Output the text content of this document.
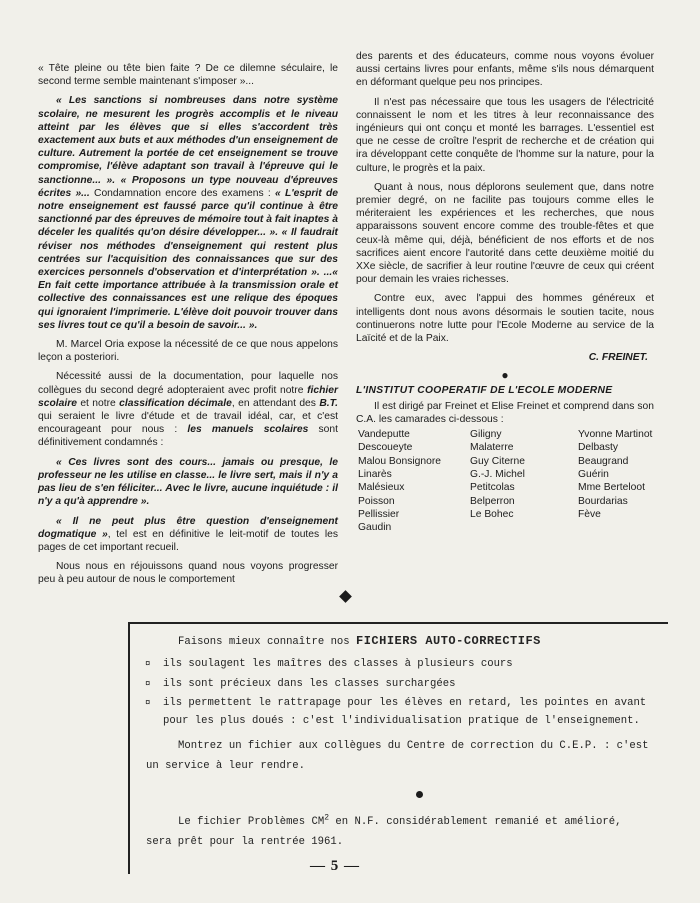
« Tête pleine ou tête bien faite ? De ce dilemne séculaire, le second terme semble maintenant s'imposer »...

« Les sanctions si nombreuses dans notre système scolaire, ne mesurent les progrès accomplis et le niveau atteint par les élèves que si elles s'accordent très exactement aux buts et aux méthodes d'un enseignement de culture. Autrement la portée de cet enseignement se trouve compromise, l'élève adaptant son travail à l'épreuve qui le sanctionne... ». « Proposons un type nouveau d'épreuves écrites »... Condamnation encore des examens : « L'esprit de notre enseignement est faussé parce qu'il continue à être sanctionné par des épreuves de mémoire tout à fait inaptes à déceler les qualités qu'on désire développer... ». « Il faudrait réviser nos méthodes d'enseignement qui restent plus centrées sur l'acquisition des connaissances que sur des exercices personnels d'observation et d'interprétation ». ...« En fait cette importance attribuée à la transmission orale et collective des connaissances est une relique des époques qui ignoraient l'imprimerie. L'élève doit pouvoir trouver dans ses livres tout ce qu'il a besoin de savoir... ».

M. Marcel Oria expose la nécessité de ce que nous appelons leçon a posteriori.

Nécessité aussi de la documentation, pour laquelle nos collègues du second degré adopteraient avec profit notre fichier scolaire et notre classification décimale, en attendant des B.T. qui seraient le livre d'étude et de travail idéal, car, et c'est encourageant pour nous : les manuels scolaires sont définitivement condamnés :

« Ces livres sont des cours... jamais ou presque, le professeur ne les utilise en classe... le livre sert, mais il n'y a pas lieu de s'en féliciter... Avec le livre, aucune inquiétude : il n'y a qu'à apprendre ».

« Il ne peut plus être question d'enseignement dogmatique », tel est en définitive le leit-motif de toutes les pages de cet important recueil.

Nous nous en réjouissons quand nous voyons progresser peu à peu autour de nous le comportement

des parents et des éducateurs, comme nous voyons évoluer aussi certains livres pour enfants, même s'ils nous démarquent en déformant quelque peu nos principes.

Il n'est pas nécessaire que tous les usagers de l'électricité connaissent le nom et les titres à leur reconnaissance des ingénieurs qui ont conçu et monté les barrages. L'essentiel est que ne cesse de croître l'esprit de recherche et de création qui ira développant cette conquête de l'homme sur la nature, pour la culture, le progrès et la paix.

Quant à nous, nous déplorons seulement que, dans notre premier degré, on ne facilite pas toujours comme elles le mériteraient les expériences et les recherches, que nous apparaissons souvent encore comme des trouble-fêtes et que ceux-là même qui, déjà, bénéficient de nos efforts et de nos sacrifices aient encore l'autorité dans cette deuxième moitié du XXe siècle, de sacrifier à leur routine l'œuvre de ceux qui créent pour demain les vraies richesses.

Contre eux, avec l'appui des hommes généreux et intelligents dont nous avons désormais le soutien tacite, nous continuerons notre lutte pour l'Ecole Moderne au service de la Laïcité et de la Paix.

C. FREINET.
●
L'INSTITUT COOPERATIF DE L'ECOLE MODERNE

Il est dirigé par Freinet et Elise Freinet et comprend dans son C.A. les camarades ci-dessous :

Vandeputte
Descoueyte
Malou Bonsignore
Linarès
Malésieux
Poisson
Pellissier
Gaudin
Giligny
Malaterre
Guy Citerne
G.-J. Michel
Petitcolas
Belperron
Le Bohec
Yvonne Martinot
Delbasty
Beaugrand
Guérin
Mme Berteloot
Bourdarias
Fève
Faisons mieux connaître nos FICHIERS AUTO-CORRECTIFS
¤ ils soulagent les maîtres des classes à plusieurs cours
¤ ils sont précieux dans les classes surchargées
¤ ils permettent le rattrapage pour les élèves en retard, les pointes en avant
pour les plus doués : c'est l'individualisation pratique de l'enseignement.
Montrez un fichier aux collègues du Centre de correction du C.E.P. : c'est
un service à leur rendre.
Le fichier Problèmes $CM^2$ en N.F. considérablement remanié et amélioré,
sera prêt pour la rentrée 1961.
— 5 —
